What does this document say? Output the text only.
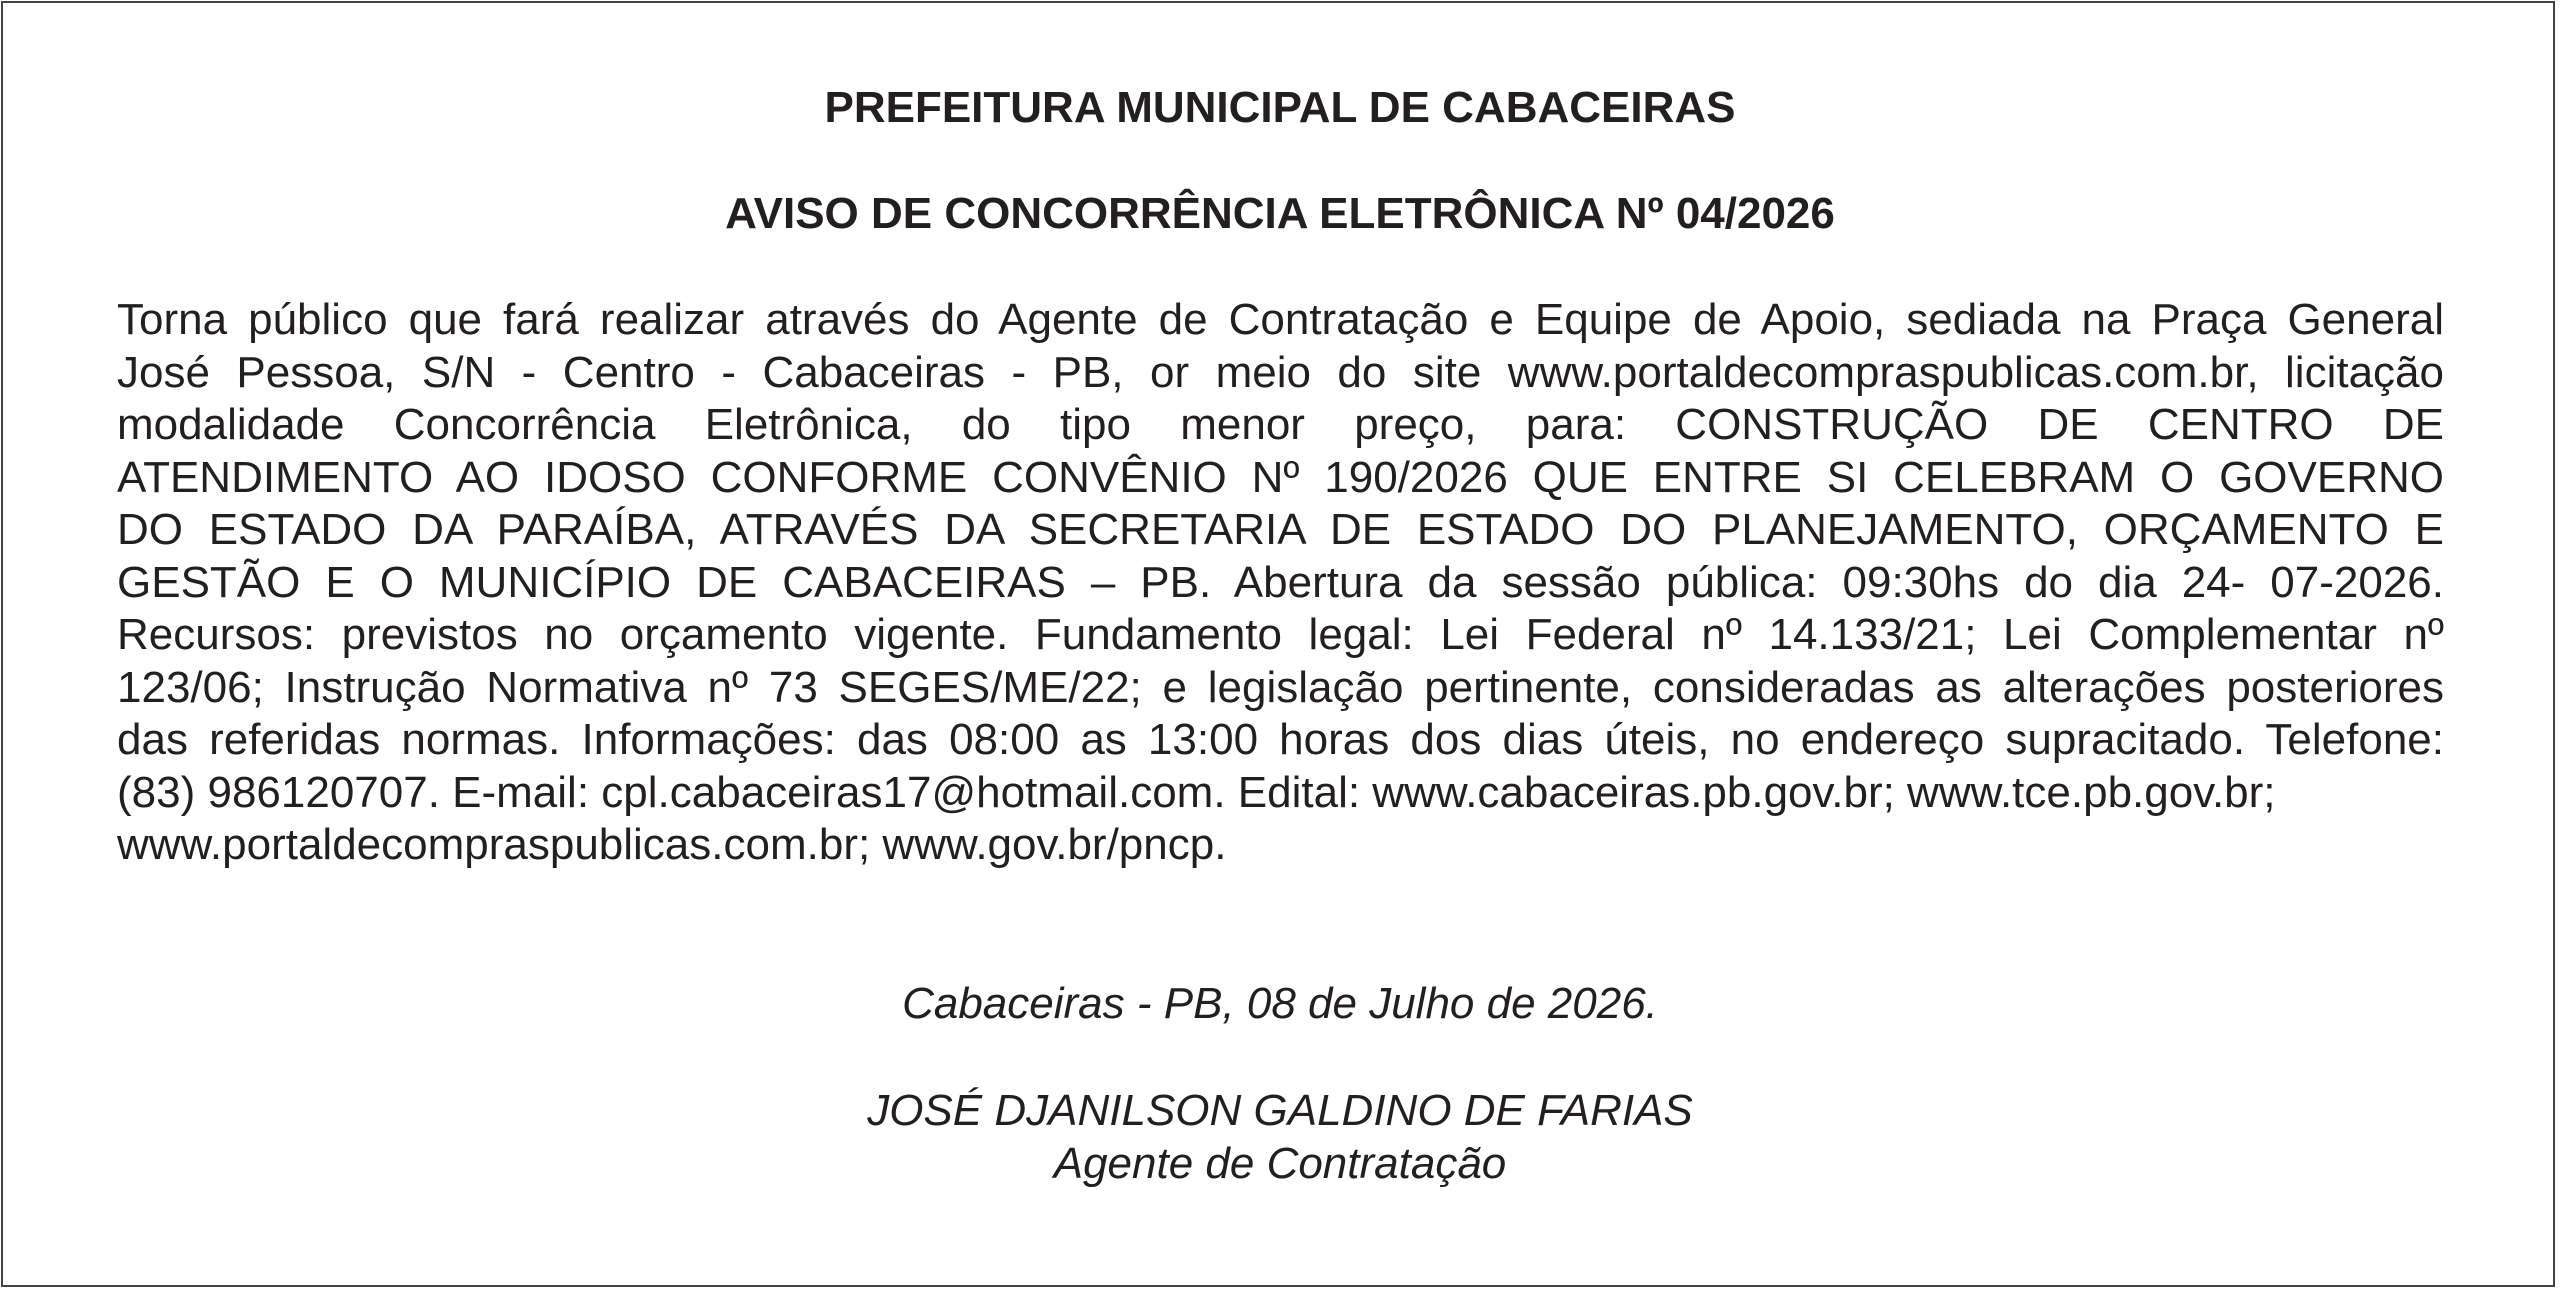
PREFEITURA MUNICIPAL DE CABACEIRAS
AVISO DE CONCORRÊNCIA ELETRÔNICA Nº 04/2026
Torna público que fará realizar através do Agente de Contratação e Equipe de Apoio, sediada na Praça General
José Pessoa, S/N - Centro - Cabaceiras - PB, or meio do site www.portaldecompraspublicas.com.br, licitação
modalidade Concorrência Eletrônica, do tipo menor preço, para: CONSTRUÇÃO DE CENTRO DE
ATENDIMENTO AO IDOSO CONFORME CONVÊNIO Nº 190/2026 QUE ENTRE SI CELEBRAM O GOVERNO
DO ESTADO DA PARAÍBA, ATRAVÉS DA SECRETARIA DE ESTADO DO PLANEJAMENTO, ORÇAMENTO E
GESTÃO E O MUNICÍPIO DE CABACEIRAS – PB. Abertura da sessão pública: 09:30hs do dia 24- 07-2026.
Recursos: previstos no orçamento vigente. Fundamento legal: Lei Federal nº 14.133/21; Lei Complementar nº
123/06; Instrução Normativa nº 73 SEGES/ME/22; e legislação pertinente, consideradas as alterações posteriores
das referidas normas. Informações: das 08:00 as 13:00 horas dos dias úteis, no endereço supracitado. Telefone:
(83) 986120707. E-mail: cpl.cabaceiras17@hotmail.com. Edital: www.cabaceiras.pb.gov.br; www.tce.pb.gov.br;
www.portaldecompraspublicas.com.br; www.gov.br/pncp.
Cabaceiras - PB, 08 de Julho de 2026.
JOSÉ DJANILSON GALDINO DE FARIAS
Agente de Contratação
